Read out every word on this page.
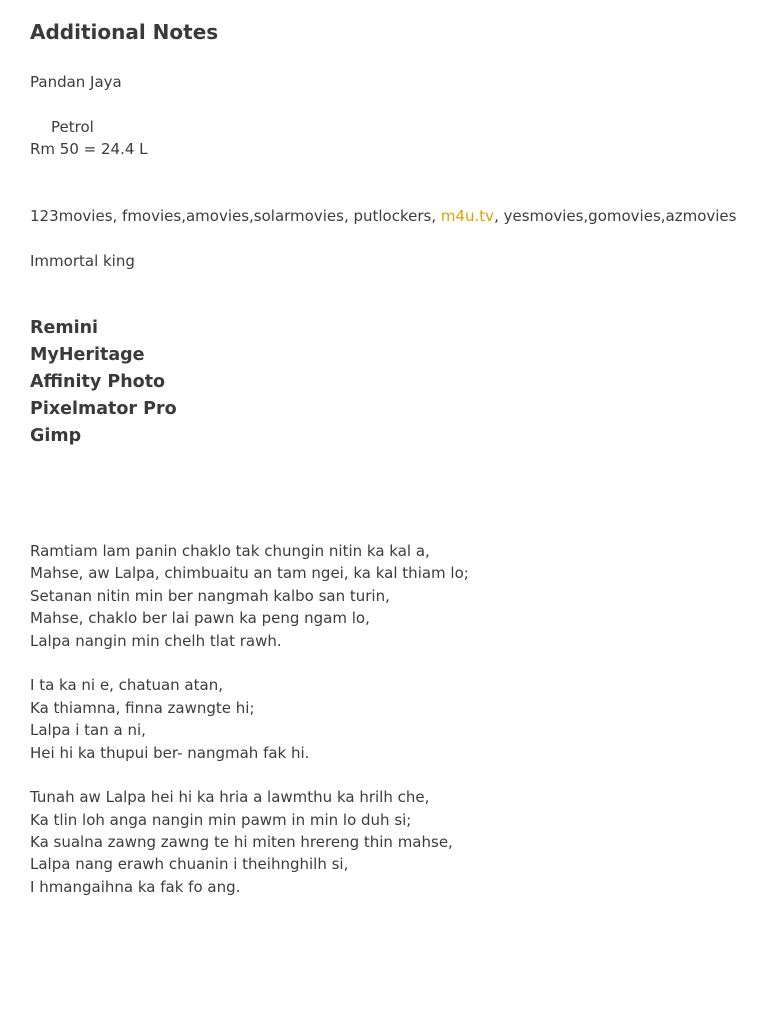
Additional Notes
Pandan Jaya
Petrol
Rm 50 = 24.4 L
123movies, fmovies,amovies,solarmovies, putlockers, m4u.tv, yesmovies,gomovies,azmovies
Immortal king
Remini
MyHeritage
Affinity Photo
Pixelmator Pro
Gimp
Ramtiam lam panin chaklo tak chungin nitin ka kal a,
Mahse, aw Lalpa, chimbuaitu an tam ngei, ka kal thiam lo;
Setanan nitin min ber nangmah kalbo san turin,
Mahse, chaklo ber lai pawn ka peng ngam lo,
Lalpa nangin min chelh tlat rawh.
I ta ka ni e, chatuan atan,
Ka thiamna, finna zawngte hi;
Lalpa i tan a ni,
Hei hi ka thupui ber- nangmah fak hi.
Tunah aw Lalpa hei hi ka hria a lawmthu ka hrilh che,
Ka tlin loh anga nangin min pawm in min lo duh si;
Ka sualna zawng zawng te hi miten hrereng thin mahse,
Lalpa nang erawh chuanin i theihnghilh si,
I hmangaihna ka fak fo ang.
